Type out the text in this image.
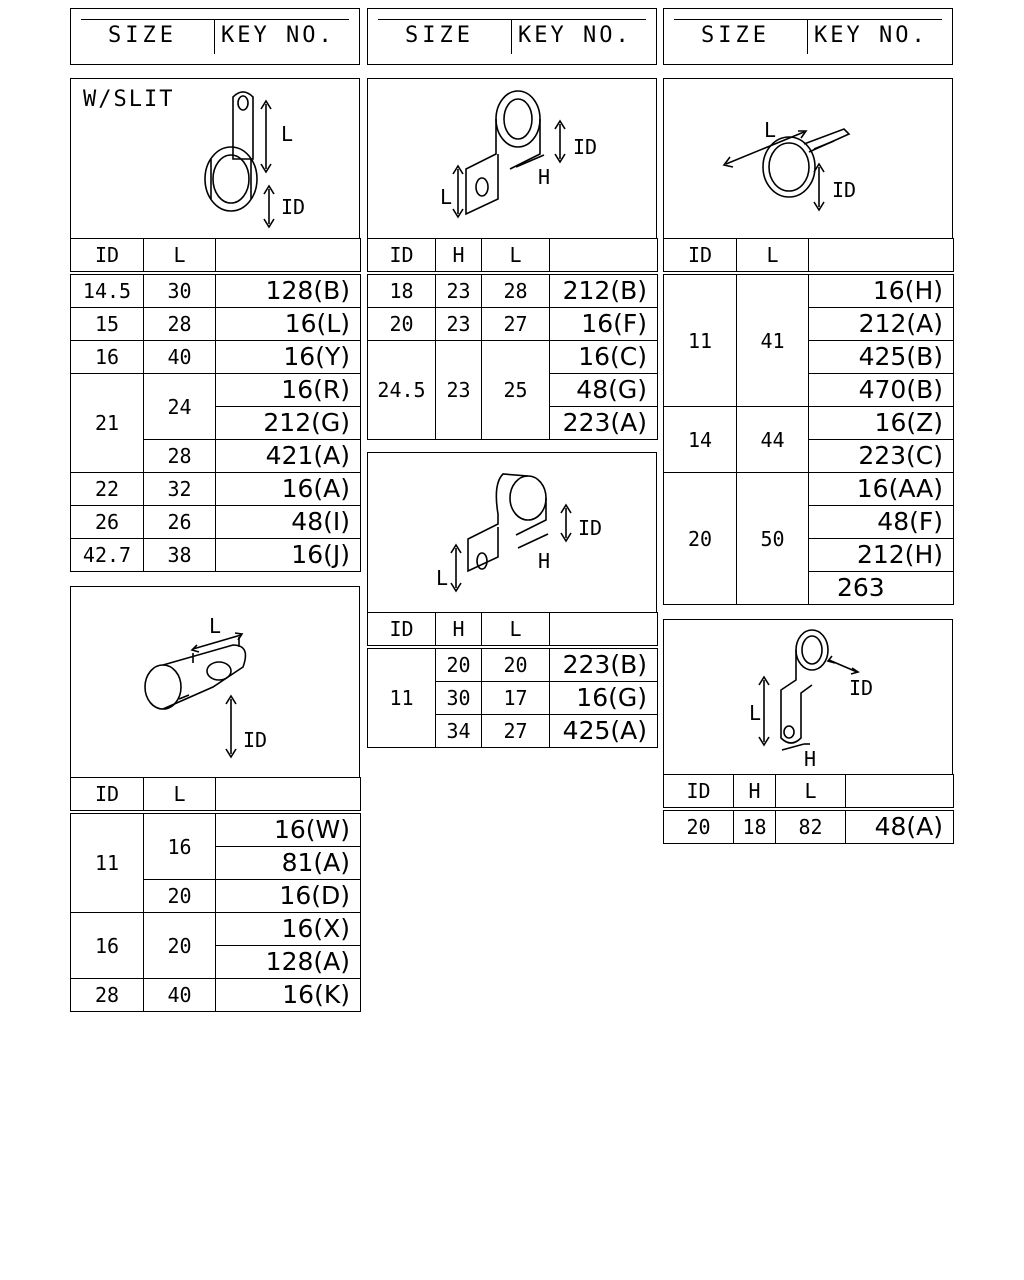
SIZE	KEY NO.	SIZE	KEY NO.	SIZE	KEY NO.
W/SLIT
L
ID
ID	L	
14.5	30	128(B)
15	28	16(L)
16	40	16(Y)
21	24	16(R)
		212(G)
	28	421(A)
22	32	16(A)
26	26	48(I)
42.7	38	16(J)
ID
H
L
ID	H	L	
18	23	28	212(B)
20	23	27	16(F)
24.5	23	25	16(C)
			48(G)
			223(A)
L
ID
ID	L	
11	41	16(H)
		212(A)
		425(B)
		470(B)
14	44	16(Z)
		223(C)
20	50	16(AA)
		48(F)
		212(H)
		263
L
ID
ID	L	
11	16	16(W)
		81(A)
	20	16(D)
16	20	16(X)
		128(A)
28	40	16(K)
ID
H
L
ID	H	L	
11	20	20	223(B)
	30	17	16(G)
	34	27	425(A)
ID
L
H
ID	H	L	
20	18	82	48(A)
